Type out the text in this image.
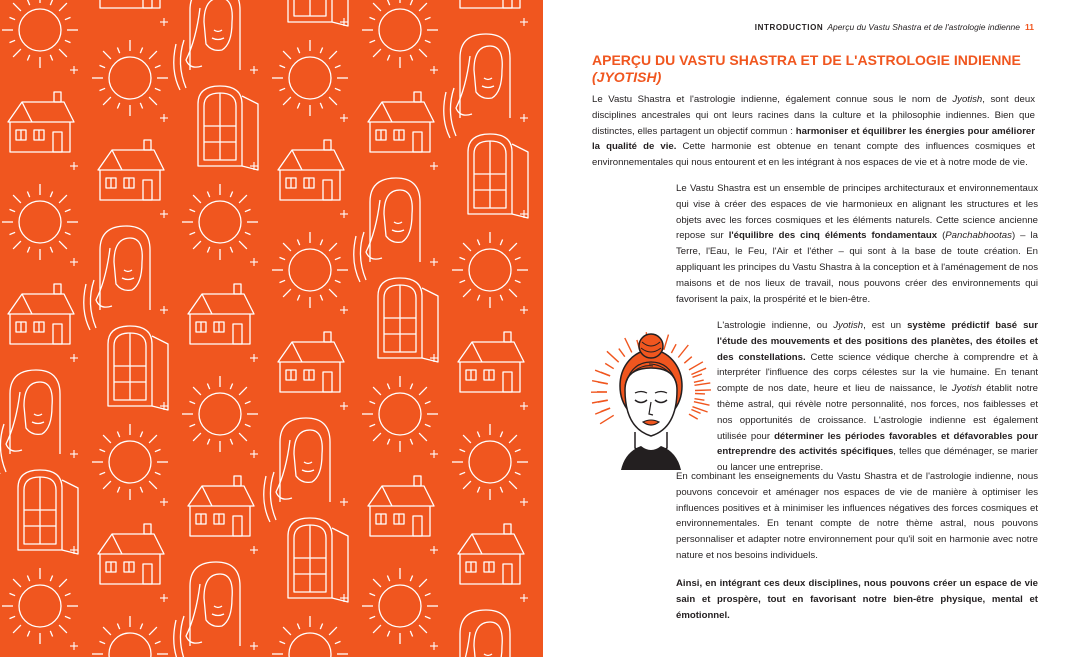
INTRODUCTION Aperçu du Vastu Shastra et de l'astrologie indienne 11
APERÇU DU VASTU SHASTRA ET DE L'ASTROLOGIE INDIENNE
(JYOTISH)
Le Vastu Shastra et l'astrologie indienne, également connue sous le nom de Jyotish, sont deux disciplines ancestrales qui ont leurs racines dans la culture et la philosophie indiennes. Bien que distinctes, elles partagent un objectif commun : harmoniser et équilibrer les énergies pour améliorer la qualité de vie. Cette harmonie est obtenue en tenant compte des influences cosmiques et environnementales qui nous entourent et en les intégrant à nos espaces de vie et à notre mode de vie.
Le Vastu Shastra est un ensemble de principes architecturaux et environnementaux qui vise à créer des espaces de vie harmonieux en alignant les structures et les objets avec les forces cosmiques et les éléments naturels. Cette science ancienne repose sur l'équilibre des cinq éléments fondamentaux (Panchabhootas) – la Terre, l'Eau, le Feu, l'Air et l'éther – qui sont à la base de toute création. En appliquant les principes du Vastu Shastra à la conception et à l'aménagement de nos maisons et de nos lieux de travail, nous pouvons créer des environnements qui favorisent la paix, la prospérité et le bien-être.
L'astrologie indienne, ou Jyotish, est un système prédictif basé sur l'étude des mouvements et des positions des planètes, des étoiles et des constellations. Cette science védique cherche à comprendre et à interpréter l'influence des corps célestes sur la vie humaine. En tenant compte de nos date, heure et lieu de naissance, le Jyotish établit notre thème astral, qui révèle notre personnalité, nos forces, nos faiblesses et nos opportunités de croissance. L'astrologie indienne est également utilisée pour déterminer les périodes favorables et défavorables pour entreprendre des activités spécifiques, telles que déménager, se marier ou lancer une entreprise.
En combinant les enseignements du Vastu Shastra et de l'astrologie indienne, nous pouvons concevoir et aménager nos espaces de vie de manière à optimiser les influences positives et à minimiser les influences négatives des forces cosmiques et environnementales. En tenant compte de notre thème astral, nous pouvons personnaliser et adapter notre environnement pour qu'il soit en harmonie avec notre nature et nos besoins individuels.
Ainsi, en intégrant ces deux disciplines, nous pouvons créer un espace de vie sain et prospère, tout en favorisant notre bien-être physique, mental et émotionnel.
